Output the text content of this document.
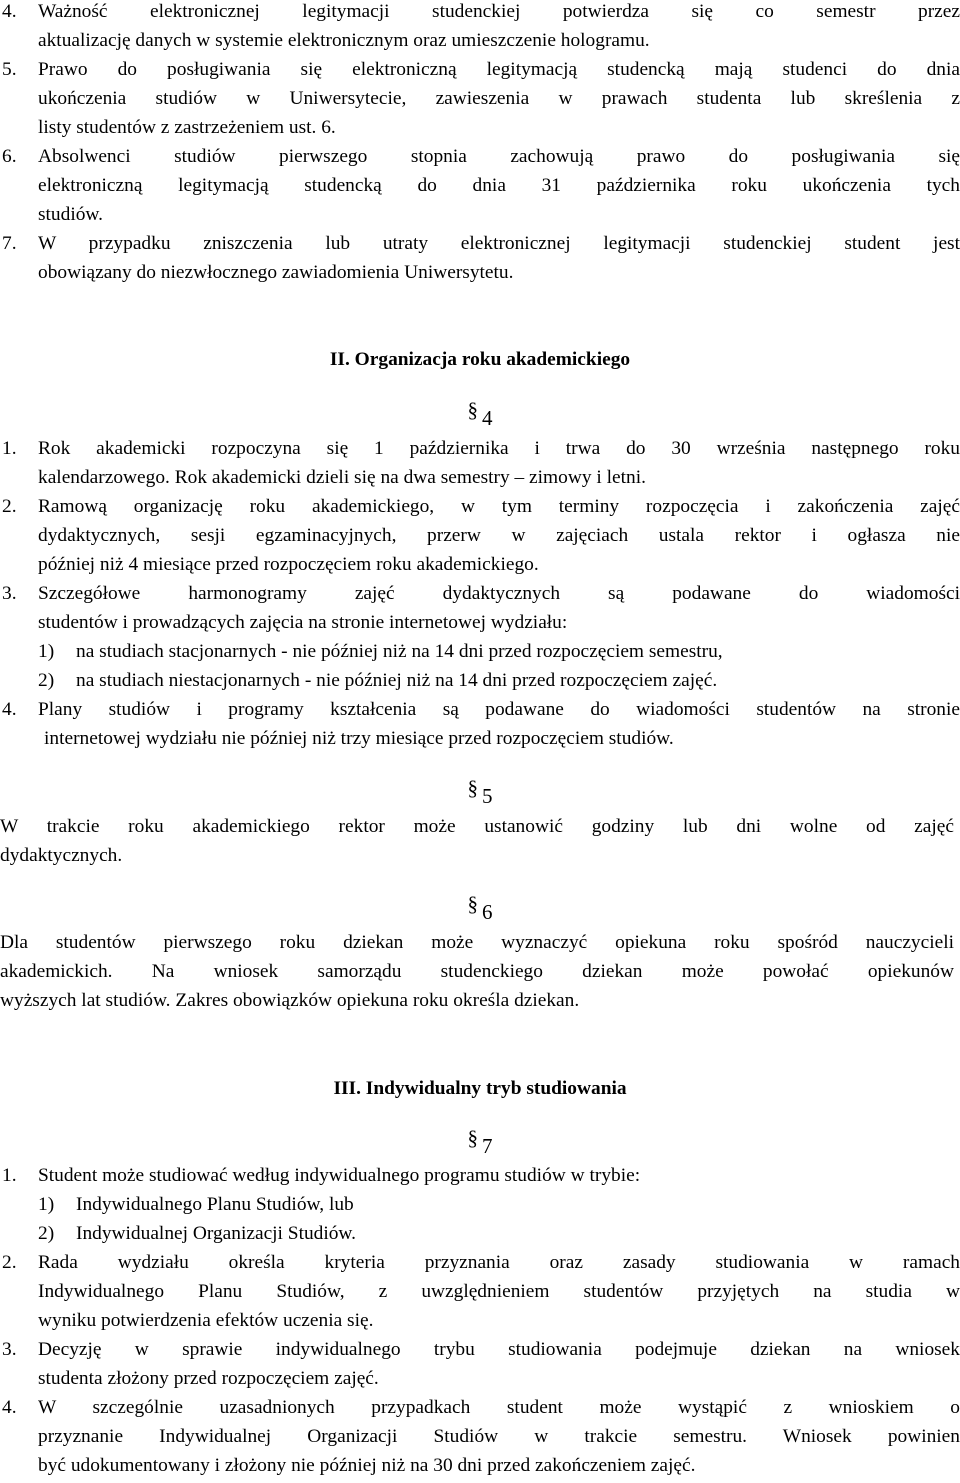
4. Ważność elektronicznej legitymacji studenckiej potwierdza się co semestr przez
aktualizację danych w systemie elektronicznym oraz umieszczenie hologramu.
5. Prawo do posługiwania się elektroniczną legitymacją studencką mają studenci do dnia
ukończenia studiów w Uniwersytecie, zawieszenia w prawach studenta lub skreślenia z
listy studentów z zastrzeżeniem ust. 6.
6. Absolwenci studiów pierwszego stopnia zachowują prawo do posługiwania się
elektroniczną legitymacją studencką do dnia 31 października roku ukończenia tych
studiów.
7. W przypadku zniszczenia lub utraty elektronicznej legitymacji studenckiej student jest
obowiązany do niezwłocznego zawiadomienia Uniwersytetu.
II. Organizacja roku akademickiego
§ 4
1. Rok akademicki rozpoczyna się 1 października i trwa do 30 września następnego roku
kalendarzowego. Rok akademicki dzieli się na dwa semestry – zimowy i letni.
2. Ramową organizację roku akademickiego, w tym terminy rozpoczęcia i zakończenia zajęć
dydaktycznych, sesji egzaminacyjnych, przerw w zajęciach ustala rektor i ogłasza nie
później niż 4 miesiące przed rozpoczęciem roku akademickiego.
3. Szczegółowe harmonogramy zajęć dydaktycznych są podawane do wiadomości
studentów i prowadzących zajęcia na stronie internetowej wydziału:
1) na studiach stacjonarnych - nie później niż na 14 dni przed rozpoczęciem semestru,
2) na studiach niestacjonarnych - nie później niż na 14 dni przed rozpoczęciem zajęć.
4. Plany studiów i programy kształcenia są podawane do wiadomości studentów na stronie
internetowej wydziału nie później niż trzy miesiące przed rozpoczęciem studiów.
§ 5
W trakcie roku akademickiego rektor może ustanowić godziny lub dni wolne od zajęć
dydaktycznych.
§ 6
Dla studentów pierwszego roku dziekan może wyznaczyć opiekuna roku spośród nauczycieli
akademickich. Na wniosek samorządu studenckiego dziekan może powołać opiekunów
wyższych lat studiów. Zakres obowiązków opiekuna roku określa dziekan.
III. Indywidualny tryb studiowania
§ 7
1. Student może studiować według indywidualnego programu studiów w trybie:
1) Indywidualnego Planu Studiów, lub
2) Indywidualnej Organizacji Studiów.
2. Rada wydziału określa kryteria przyznania oraz zasady studiowania w ramach
Indywidualnego Planu Studiów, z uwzględnieniem studentów przyjętych na studia w
wyniku potwierdzenia efektów uczenia się.
3. Decyzję w sprawie indywidualnego trybu studiowania podejmuje dziekan na wniosek
studenta złożony przed rozpoczęciem zajęć.
4. W szczególnie uzasadnionych przypadkach student może wystąpić z wnioskiem o
przyznanie Indywidualnej Organizacji Studiów w trakcie semestru. Wniosek powinien
być udokumentowany i złożony nie później niż na 30 dni przed zakończeniem zajęć.
